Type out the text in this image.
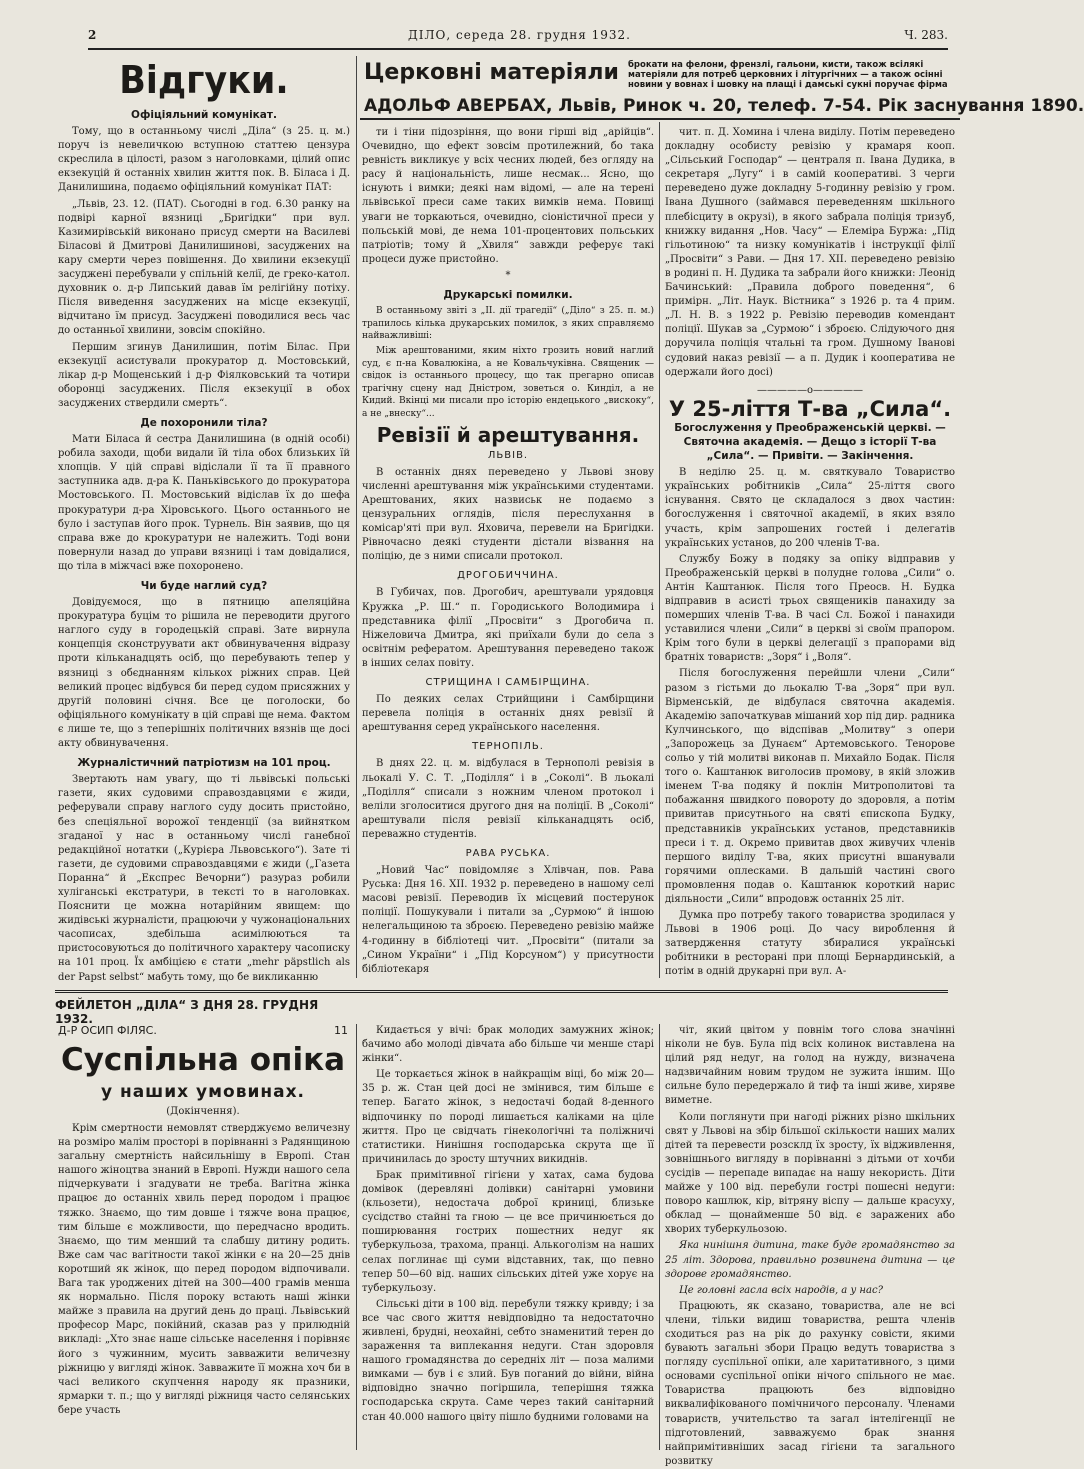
2	ДІЛО, середа 28. грудня 1932.	Ч. 283.
Відгуки.
Офіціяльний комунікат.

Тому, що в останньому числі „Діла“ (з 25. ц. м.) поруч із невеличкою вступною статтею цензура скреслила в цілості, разом з наголовками, цілий опис екзекуцій й останніх хвилин життя пок. В. Біласа і Д. Данилишина, подаємо офіціяльний комунікат ПАТ:

„Львів, 23. 12. (ПАТ). Сьогодні в год. 6.30 ранку на подвірі карної вязниці „Бригідки“ при вул. Казимирівській виконано присуд смерти на Василеві Біласові й Дмитрові Данилишинові, засуджених на кару смерти через повішення. До хвилини екзекуції засуджені перебували у спільній келії, де греко-катол. духовник о. д-р Липський давав їм релігійну потіху. Після виведення засуджених на місце екзекуції, відчитано їм присуд. Засуджені поводилися весь час до останньої хвилини, зовсім спокійно.

Першим згинув Данилишин, потім Білас. При екзекуції асистували прокуратор д. Мостовський, лікар д-р Мощенський і д-р Фіялковський та чотири оборонці засуджених. Після екзекуції в обох засуджених ствердили смерть“.

Де похоронили тіла?

Мати Біласа й сестра Данилишина (в одній особі) робила заходи, щоби видали їй тіла обох близьких їй хлопців. У цій справі відіслали її та її правного заступника адв. д-ра К. Паньківського до прокуратора Мостовського. П. Мостовський відіслав їх до шефа прокуратури д-ра Хіровського. Цього останнього не було і заступав його прок. Турнель. Він заявив, що ця справа вже до крокуратури не належить. Тоді вони повернули назад до управи вязниці і там довідалися, що тіла в міжчасі вже похоронено.

Чи буде наглий суд?

Довідуємося, що в пятницю апеляційна прокуратура буцім то рішила не переводити другого наглого суду в городецькій справі. Зате вирнула концепція сконструувати акт обвинувачення відразу проти кільканадцять осіб, що перебувають тепер у вязниці з обєднанням кількох ріжних справ. Цей великий процес відбувся би перед судом присяжних у другій половині січня. Все це поголоски, бо офіціяльного комунікату в цій справі ще нема. Фактом є лише те, що з теперішніх політичних вязнів ще досі акту обвинувачення.

Журналістичний патріотизм на 101 проц.

Звертають нам увагу, що ті львівські польські газети, яких судовими справоздавцями є жиди, реферували справу наглого суду досить пристойно, без спеціяльної ворожої тенденції (за вийнятком згаданої у нас в останньому числі ганебної редакційної нотатки („Курієра Львовського“). Зате ті газети, де судовими справоздавцями є жиди („Газета Поранна“ й „Експрес Вечорни“) разураз робили хуліганські екстратури, в тексті то в наголовках. Пояснити це можна нотарійним явищем: що жидівські журналісти, працюючи у чужонаціональних часописах, здебільша асимілюються та пристосовуються до політичного характеру часописку на 101 проц. Їх амбіцією є стати „mehr päpstlich als der Papst selbst“ мабуть тому, що бе викликанню

Церковні матеріяли брокати на фелони, френзлі, гальони, кисти, також всілякі матеріяли для потреб церковних і літургічних — а також осінні новини у вовнах і шовку на плащі і дамські сукні поручає фірма
АДОЛЬФ АВЕРБАХ, Львів, Ринок ч. 20, телеф. 7-54. Рік заснування 1890.

ти і тіни підозріння, що вони гірші від „арійців“. Очевидно, що ефект зовсім протилежний, бо така ревність викликує у всіх чесних людей, без огляду на расу й національність, лише несмак... Ясно, що існують і вимки; деякі нам відомі, — але на терені львівської преси саме таких вимків нема. Повищі уваги не торкаються, очевидно, сіоністичної преси у польській мові, де нема 101-процентових польських патріотів; тому й „Хвиля“ завжди реферує такі процеси дуже пристойно.

*
Друкарські помилки.

В останньому звіті з „ІІ. дії трагедії“ („Діло“ з 25. п. м.) трапилось кілька друкарських помилок, з яких справляємо найважливіші:

Між арештованими, яким ніхто грозить новий наглий суд, є п-на Ковалюкіна, а не Ковальчуківна. Священик — свідок із останнього процесу, що так прегарно описав трагічну сцену над Дністром, зоветься о. Кинділ, а не Кидий. Вкінці ми писали про історію ендецького „виcкоку“, а не „внеску“...

Ревізії й арештування.
ЛЬВІВ.

В останніх днях переведено у Львові знову численні арештування між українськими студентами. Арештованих, яких назвиськ не подаємо з цензуральних оглядів, після переслухання в комісар'яті при вул. Яховича, перевели на Бригідки. Рівночасно деякі студенти дістали візвання на поліцію, де з ними списали протокол.

ДРОГОБИЧЧИНА.

В Губичах, пов. Дрогобич, арештували урядовця Кружка „Р. Ш.“ п. Городиського Володимира і представника філії „Просвіти“ з Дрогобича п. Ніжеловича Дмитра, які приїхали були до села з освітнім рефератом. Арештування переведено також в інших селах повіту.

СТРИЩИНА І САМБІРЩИНА.

По деяких селах Стрийщини і Самбірщини перевела поліція в останніх днях ревізії й арештування серед українського населення.

ТЕРНОПІЛЬ.

В днях 22. ц. м. відбулася в Тернополі ревізія в льокалі У. С. Т. „Поділля“ і в „Соколі“. В льокалі „Поділля“ списали з ножним членом протокол і веліли зголоситися другого дня на поліції. В „Соколі“ арештували після ревізії кільканадцять осіб, переважно студентів.

РАВА РУСЬКА.

„Новий Час“ повідомляє з Хлівчан, пов. Рава Руська: Дня 16. XII. 1932 р. переведено в нашому селі масові ревізії. Переводив їх місцевий постерунок поліції. Пошукували і питали за „Сурмою“ й іншою нелегальщиною та зброєю. Переведено ревізію майже 4-годинну в бібліотеці чит. „Просвіти“ (питали за „Сином України“ і „Під Корсуном“) у присутности бібліотекаря

чит. п. Д. Хомина і члена виділу. Потім переведено докладну особисту ревізію у крамаря кооп. „Сільський Господар“ — централя п. Івана Дудика, в секретаря „Лугу“ і в самій кооперативі. З черги переведено дуже докладну 5-годинну ревізію у гром. Івана Душного (займався переведенням шкільного плебісциту в окрузі), в якого забрала поліція тризуб, книжку видання „Нов. Часу“ — Елеміра Буржа: „Під гільотиною“ та низку комунікатів і інструкції філії „Просвіти“ з Рави. — Дня 17. XII. переведено ревізію в родині п. Н. Дудика та забрали його книжки: Леонід Бачинський: „Правила доброго поведення“, 6 примірн. „Літ. Наук. Вістника“ з 1926 р. та 4 прим. „Л. Н. В. з 1922 р. Ревізію переводив комендант поліції. Шукав за „Сурмою“ і зброєю. Слідуючого дня доручила поліція чтальні та гром. Душному Іванові судовий наказ ревізії — а п. Дудик і кооператива не одержали його досі)

—————o—————
У 25-ліття Т-ва „Сила“.
Богослуження у Преображенській церкві. — Святочна академія. — Дещо з історії Т-ва „Сила“. — Привіти. — Закінчення.

В неділю 25. ц. м. святкувало Товариство українських робітників „Сила“ 25-ліття свого існування. Свято це складалося з двох частин: богослуження і святочної академії, в яких взяло участь, крім запрошених гостей і делегатів українських установ, до 200 членів Т-ва.

Службу Божу в подяку за опіку відправив у Преображенській церкві в полудне голова „Сили“ о. Антін Каштанюк. Після того Преосв. Н. Будка відправив в асисті трьох священиків панахиду за померших членів Т-ва. В часі Сл. Божої і панахиди уставилися члени „Сили“ в церкві зі своїм прапором. Крім того були в церкві делегації з прапорами від братніх товариств: „Зоря“ і „Воля“.

Після богослуження перейшли члени „Сили“ разом з гістьми до льокалю Т-ва „Зоря“ при вул. Вірменській, де відбулася святочна академія. Академію започаткував мішаний хор під дир. радника Кулчинського, що відспівав „Молитву“ з опери „Запорожець за Дунаєм“ Артемовського. Тенорове сольо у тій молитві виконав п. Михайло Бодак. Після того о. Каштанюк виголосив промову, в якій зложив іменем Т-ва подяку й поклін Митрополитові та побажання швидкого повороту до здоровля, а потім привитав присутнього на святі єпископа Будку, представників українських установ, представників преси і т. д. Окремо привитав двох живучих членів першого виділу Т-ва, яких присутні вшанували горячими оплесками. В дальшій частині свого промовлення подав о. Каштанюк короткий нарис діяльности „Сили“ впродовж останніх 25 літ.

Думка про потребу такого товариства зродилася у Львові в 1906 році. До часу вироблення й затвердження статуту збиралися українські робітники в ресторані при площі Бернардинській, а потім в одній друкарні при вул. А-

ФЕЙЛЕТОН „ДІЛА“ З ДНЯ 28. ГРУДНЯ 1932.
Д-Р ОСИП ФІЛЯС.	11
Суспільна опіка
у наших умовинах.
(Докінчення).

Крім смертности немовлят стверджуємо величезну на розміро малім просторі в порівнанні з Радянщиною загальну смертність найсильнішу в Европі. Стан нашого жіноцтва знаний в Европі. Нужди нашого села підчеркувати і згадувати не треба. Вагітна жінка працює до останніх хвиль перед породом і працює тяжко. Знаємо, що тим довше і тяжче вона працює, тим більше є можливости, що передчасно вродить. Знаємо, що тим менший та слабшу дитину родить. Вже сам час вагітности такої жінки є на 20—25 днів коротший як жінок, що перед породом відпочивали. Вага так уроджених дітей на 300—400 грамів менша як нормально. Після пороку встають наші жінки майже з правила на другий день до праці. Львівський професор Марс, покійний, сказав раз у прилюдній викладі: „Хто знає наше сільське населення і порівняє його з чужинним, мусить завважити величезну ріжницю у вигляді жінок. Завважите її можна хоч би в часі великого скупчення народу як празники, ярмарки т. п.; що у вигляді ріжниця часто селянських бере участь

Кидається у вічі: брак молодих замужних жінок; бачимо або молоді дівчата або більше чи менше старі жінки“.

Це торкається жінок в найкращім віці, бо між 20—35 р. ж. Стан цей досі не змінився, тим більше є тепер. Багато жінок, з недостачі бодай 8-денного відпочинку по породі лишається каліками на ціле життя. Про це свідчать гінекологічні та поліжничі статистики. Нинішня господарська скрута ще її причинилась до зросту штучних викиднів.

Брак примітивної гігієни у хатах, сама будова домівок (деревляні долівки) санітарні умовини (кльозети), недостача доброї криниці, близьке сусідство стайні та гною — це все причинюється до поширювання гострих пошестних недуг як туберкульоза, трахома, пранці. Алькоголізм на наших селах поглинає щі суми відставних, так, що певно тепер 50—60 від. наших сільських дітей уже хорує на туберкульозу.

Сільські діти в 100 від. перебули тяжку кривду; і за все час свого життя невідповідно та недостаточно живлені, брудні, неохайні, себто знаменитий терен до зараження та виплекання недуги. Стан здоровля нашого громадянства до середніх літ — поза малими вимками — був і є злий. Був поганий до війни, війна відповідно значно погіршила, теперішня тяжка господарська скрута. Саме через такий санітарний стан 40.000 нашого цвіту пішло будними головами на

чіт, який цвітом у повнім того слова значінні ніколи не був. Була під всіх колинок виставлена на цілий ряд недуг, на голод на нужду, визначена надзвичайним новим трудом не зужита іншим. Що сильне було передержало й тиф та інші живе, хиряве виметне.

Коли поглянути при нагоді ріжних різно шкільних свят у Львові на збір більшої скількости наших малих дітей та перевести розсклд їх зросту, їх відживлення, зовнішнього вигляду в порівнанні з дітьми от хочби сусідів — перепаде випадає на нашу некористь. Діти майже у 100 від. перебули гострі пошесні недуги: поворо кашлюк, кір, вітряну віспу — дальше красуху, обклад — щонайменше 50 від. є заражених або хворих туберкульозою.

Яка нинішня дитина, таке буде громадянство за 25 літ. Здорова, правильно розвинена дитина — це здорове громадянство.

Це головні гасла всіх народів, а у нас?

Працюють, як сказано, товариства, але не всі члени, тільки видиш товариства, решта членів сходиться раз на рік до рахунку совісти, якими бувають загальні збори Працю ведуть товариства з погляду суспільної опіки, але харитативного, з цими основами суспільної опіки нічого спільного не має. Товариства працюють без відповідно виквалифікованого помічничого персоналу. Членами товариств, учительство та загал інтелігенції не підготовлений, завважуємо брак знання найпримітивніших засад гігієни та загального розвитку
